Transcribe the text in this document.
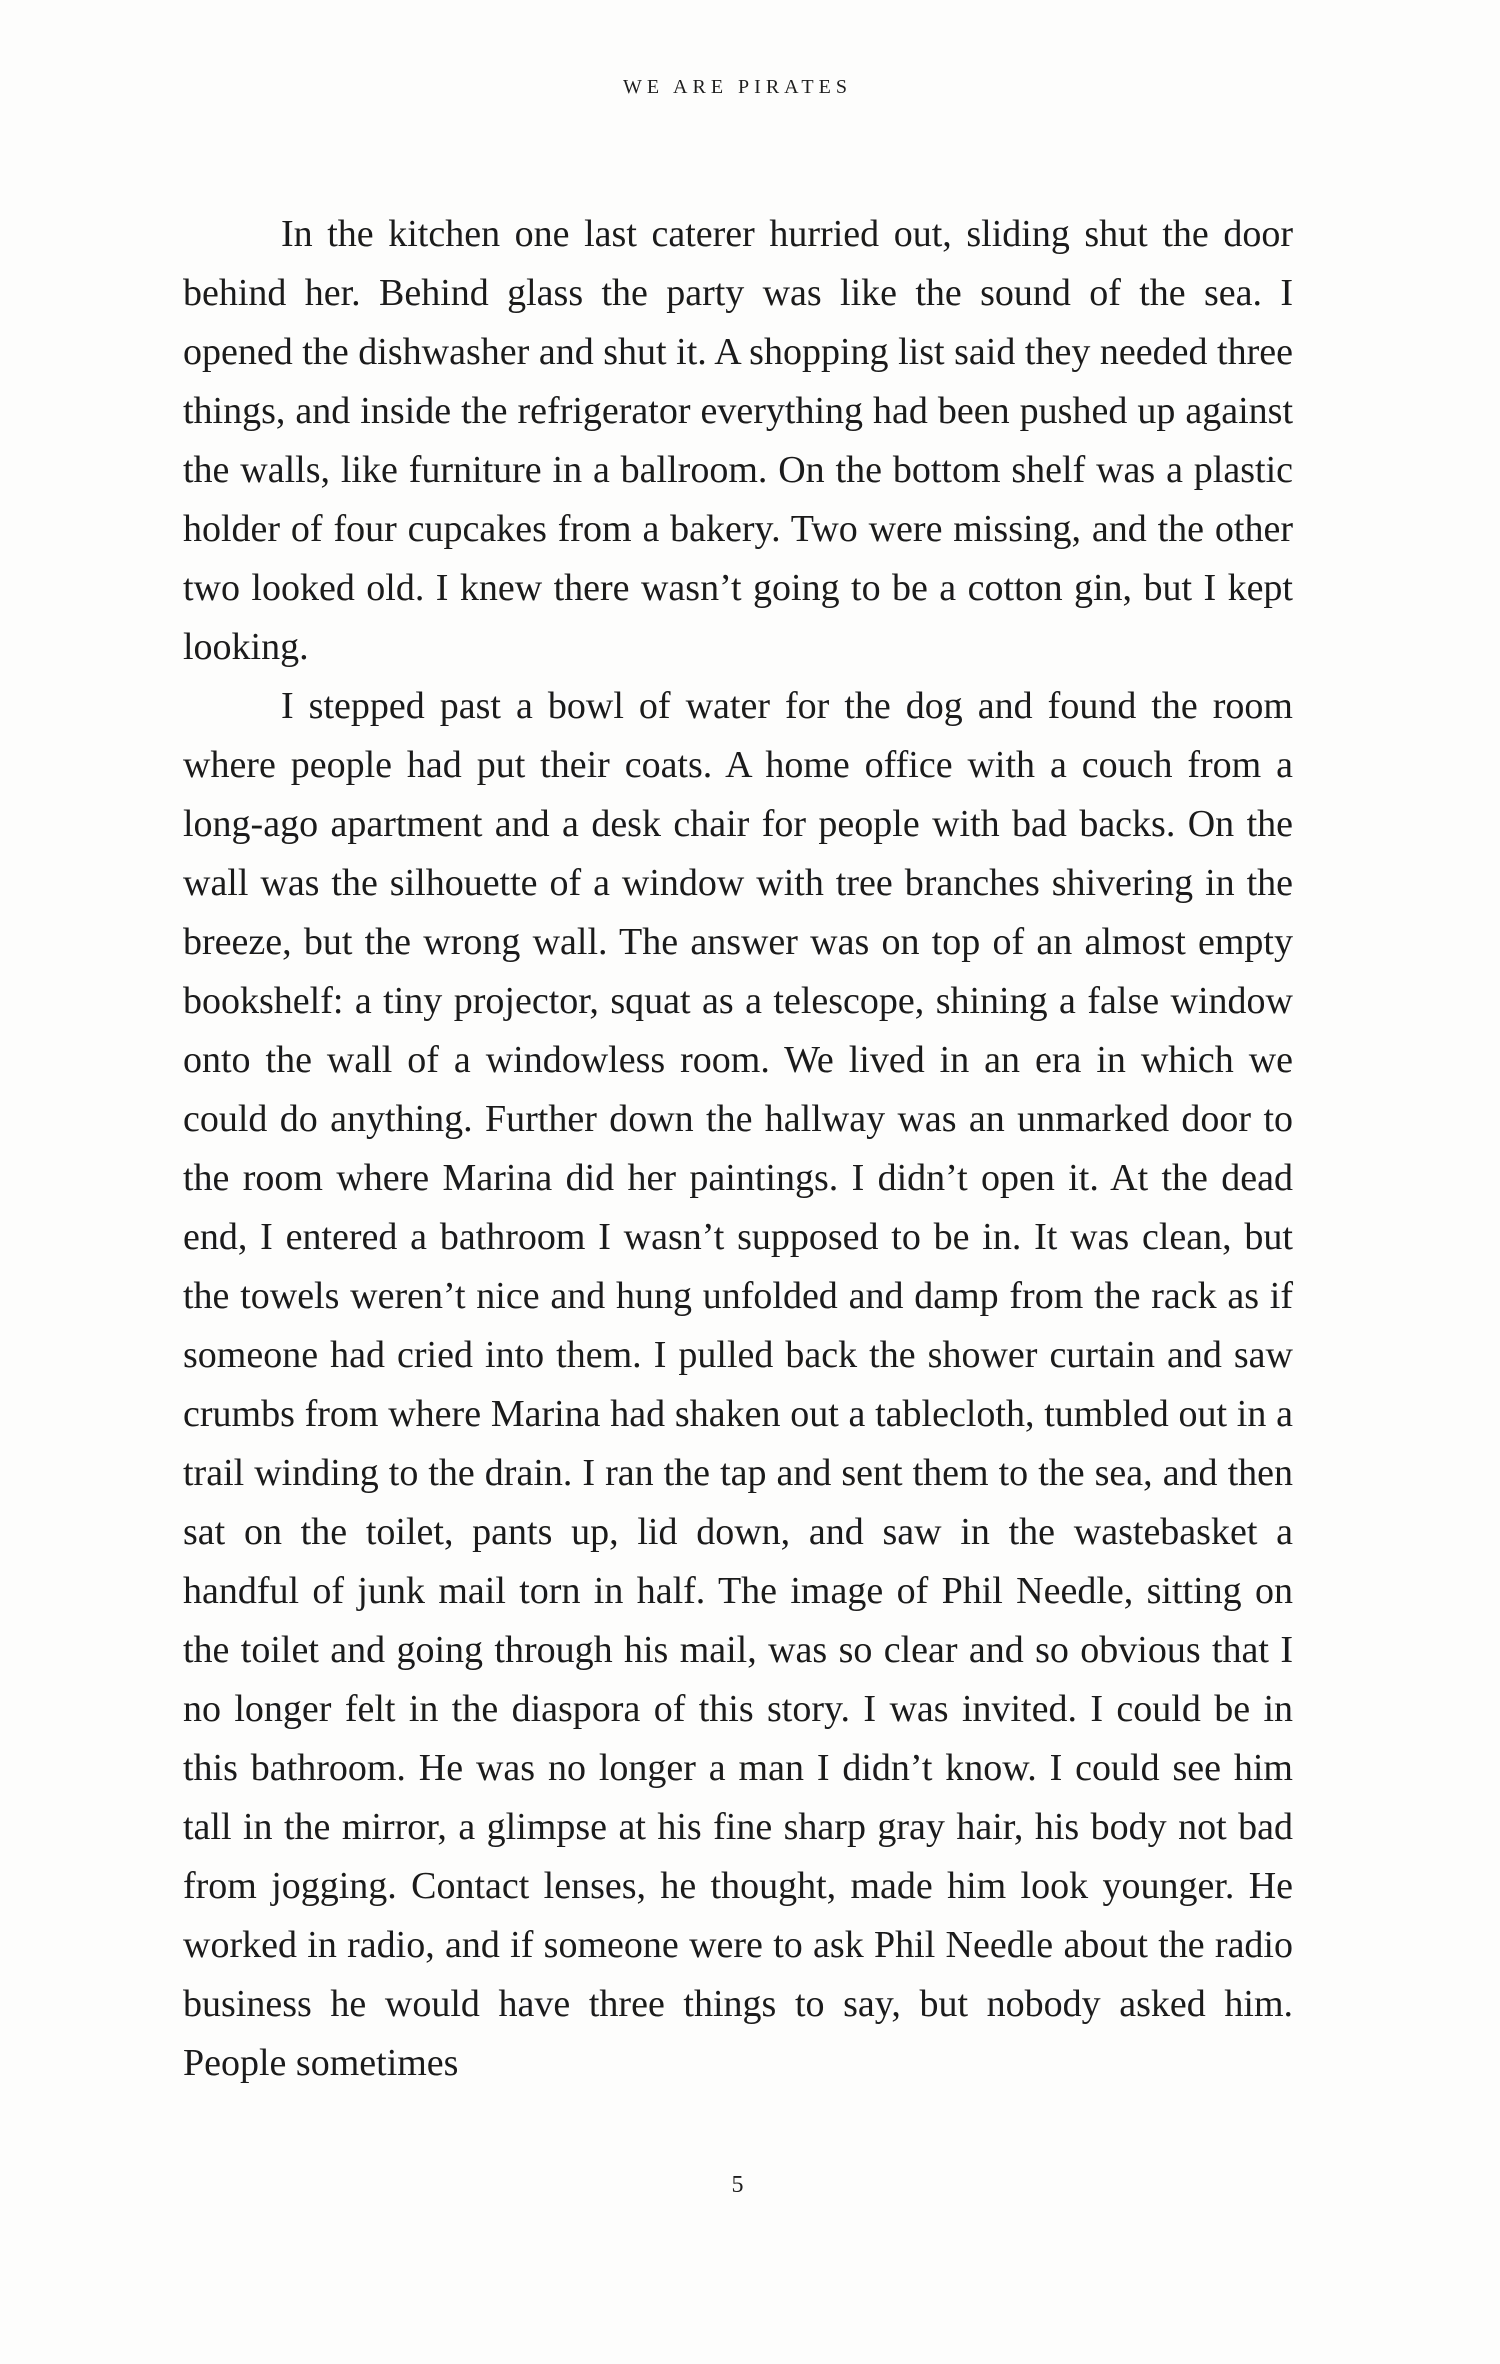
WE ARE PIRATES

In the kitchen one last caterer hurried out, sliding shut the door behind her. Behind glass the party was like the sound of the sea. I opened the dishwasher and shut it. A shopping list said they needed three things, and inside the refrigerator everything had been pushed up against the walls, like furniture in a ballroom. On the bottom shelf was a plastic holder of four cupcakes from a bakery. Two were missing, and the other two looked old. I knew there wasn’t going to be a cotton gin, but I kept looking.

I stepped past a bowl of water for the dog and found the room where people had put their coats. A home office with a couch from a long-ago apartment and a desk chair for people with bad backs. On the wall was the silhouette of a window with tree branches shivering in the breeze, but the wrong wall. The answer was on top of an almost empty bookshelf: a tiny projector, squat as a telescope, shining a false window onto the wall of a windowless room. We lived in an era in which we could do anything. Further down the hallway was an unmarked door to the room where Marina did her paintings. I didn’t open it. At the dead end, I entered a bathroom I wasn’t supposed to be in. It was clean, but the towels weren’t nice and hung unfolded and damp from the rack as if someone had cried into them. I pulled back the shower curtain and saw crumbs from where Marina had shaken out a tablecloth, tumbled out in a trail winding to the drain. I ran the tap and sent them to the sea, and then sat on the toilet, pants up, lid down, and saw in the wastebasket a handful of junk mail torn in half. The image of Phil Needle, sitting on the toilet and going through his mail, was so clear and so obvious that I no longer felt in the diaspora of this story. I was invited. I could be in this bathroom. He was no longer a man I didn’t know. I could see him tall in the mirror, a glimpse at his fine sharp gray hair, his body not bad from jogging. Contact lenses, he thought, made him look younger. He worked in radio, and if someone were to ask Phil Needle about the radio business he would have three things to say, but nobody asked him. People sometimes

5
